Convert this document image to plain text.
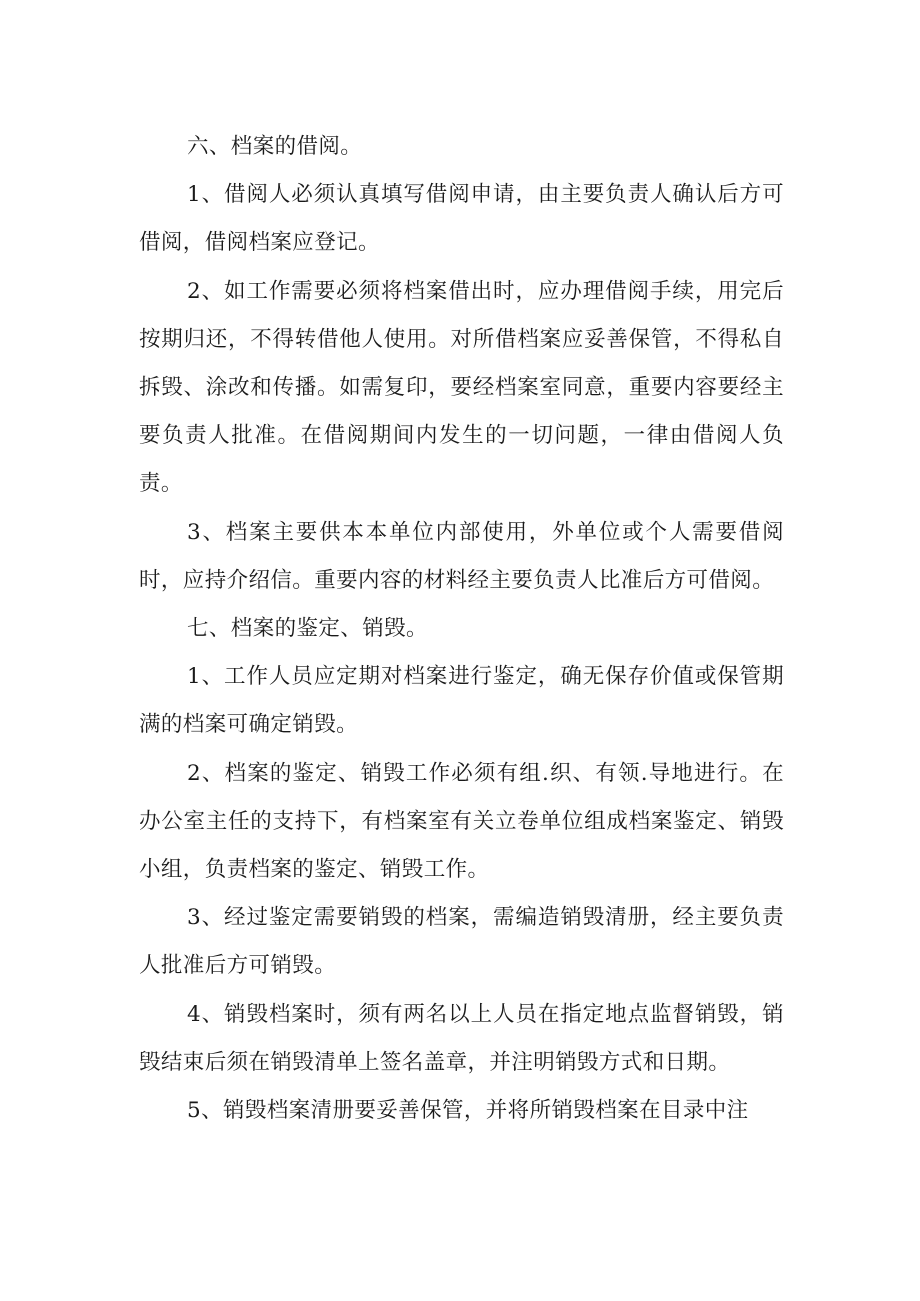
六、档案的借阅。

1、借阅人必须认真填写借阅申请，由主要负责人确认后方可借阅，借阅档案应登记。

2、如工作需要必须将档案借出时，应办理借阅手续，用完后按期归还，不得转借他人使用。对所借档案应妥善保管，不得私自拆毁、涂改和传播。如需复印，要经档案室同意，重要内容要经主要负责人批准。在借阅期间内发生的一切问题，一律由借阅人负责。

3、档案主要供本本单位内部使用，外单位或个人需要借阅时，应持介绍信。重要内容的材料经主要负责人比准后方可借阅。

七、档案的鉴定、销毁。

1、工作人员应定期对档案进行鉴定，确无保存价值或保管期满的档案可确定销毁。

2、档案的鉴定、销毁工作必须有组.织、有领.导地进行。在办公室主任的支持下，有档案室有关立卷单位组成档案鉴定、销毁小组，负责档案的鉴定、销毁工作。

3、经过鉴定需要销毁的档案，需编造销毁清册，经主要负责人批准后方可销毁。

4、销毁档案时，须有两名以上人员在指定地点监督销毁，销毁结束后须在销毁清单上签名盖章，并注明销毁方式和日期。

5、销毁档案清册要妥善保管，并将所销毁档案在目录中注
